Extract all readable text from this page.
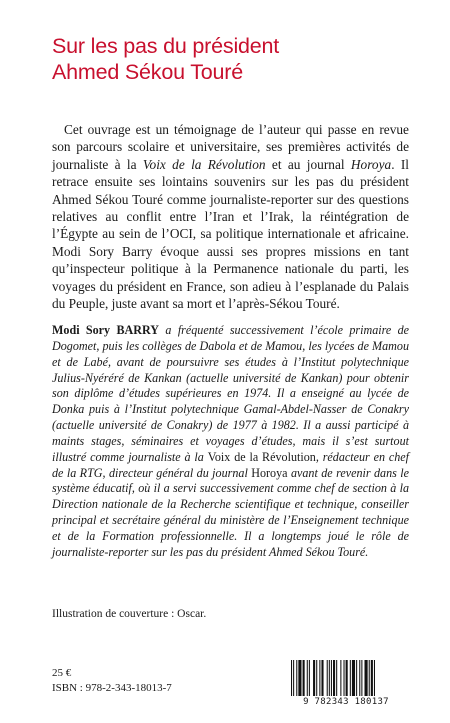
Sur les pas du président
Ahmed Sékou Touré
Cet ouvrage est un témoignage de l’auteur qui passe en revue son parcours scolaire et universitaire, ses premières activités de journaliste à la Voix de la Révolution et au journal Horoya. Il retrace ensuite ses lointains souvenirs sur les pas du président Ahmed Sékou Touré comme journaliste-reporter sur des questions relatives au conflit entre l’Iran et l’Irak, la réintégration de l’Égypte au sein de l’OCI, sa politique internationale et africaine. Modi Sory Barry évoque aussi ses propres missions en tant qu’inspecteur politique à la Permanence nationale du parti, les voyages du président en France, son adieu à l’esplanade du Palais du Peuple, juste avant sa mort et l’après-Sékou Touré.
Modi Sory BARRY a fréquenté successivement l’école primaire de Dogomet, puis les collèges de Dabola et de Mamou, les lycées de Mamou et de Labé, avant de poursuivre ses études à l’Institut polytechnique Julius-Nyéréré de Kankan (actuelle université de Kankan) pour obtenir son diplôme d’études supérieures en 1974. Il a enseigné au lycée de Donka puis à l’Institut polytechnique Gamal-Abdel-Nasser de Conakry (actuelle université de Conakry) de 1977 à 1982. Il a aussi participé à maints stages, séminaires et voyages d’études, mais il s’est surtout illustré comme journaliste à la Voix de la Révolution, rédacteur en chef de la RTG, directeur général du journal Horoya avant de revenir dans le système éducatif, où il a servi successivement comme chef de section à la Direction nationale de la Recherche scientifique et technique, conseiller principal et secrétaire général du ministère de l’Enseignement technique et de la Formation professionnelle. Il a longtemps joué le rôle de journaliste-reporter sur les pas du président Ahmed Sékou Touré.
Illustration de couverture : Oscar.
25 €
ISBN : 978-2-343-18013-7
9 782343 180137
